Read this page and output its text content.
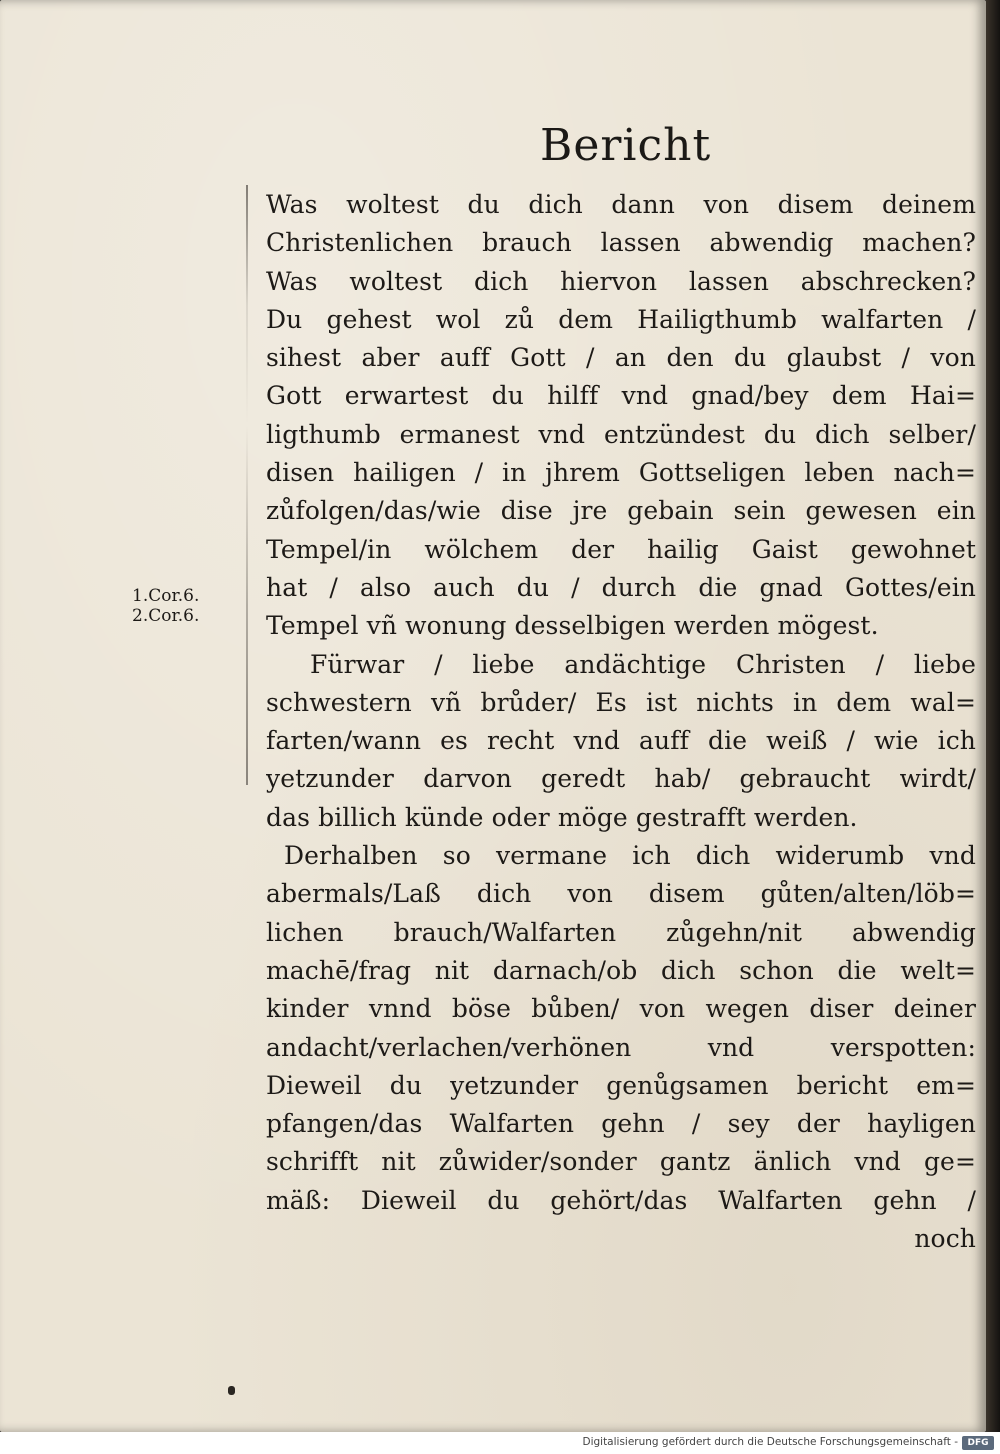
Bericht
1.Cor.6.
2.Cor.6.
Was woltest du dich dann von disem deinem
Christenlichen brauch lassen abwendig machen?
Was woltest dich hiervon lassen abschrecken?
Du gehest wol zů dem Hailigthumb walfarten /
sihest aber auff Gott / an den du glaubst / von
Gott erwartest du hilff vnd gnad/bey dem Hai=
ligthumb ermanest vnd entzündest du dich selber/
disen hailigen / in jhrem Gottseligen leben nach=
zůfolgen/das/wie dise jre gebain sein gewesen ein
Tempel/in wölchem der hailig Gaist gewohnet
hat / also auch du / durch die gnad Gottes/ein
Tempel vñ wonung desselbigen werden mögest.
Fürwar / liebe andächtige Christen / liebe
schwestern vñ brůder/ Es ist nichts in dem wal=
farten/wann es recht vnd auff die weiß / wie ich
yetzunder darvon geredt hab/ gebraucht wirdt/
das billich künde oder möge gestrafft werden.
Derhalben so vermane ich dich widerumb vnd
abermals/Laß dich von disem gůten/alten/löb=
lichen brauch/Walfarten zůgehn/nit abwendig
machē/frag nit darnach/ob dich schon die welt=
kinder vnnd böse bůben/ von wegen diser deiner
andacht/verlachen/verhönen vnd verspotten:
Dieweil du yetzunder genůgsamen bericht em=
pfangen/das Walfarten gehn / sey der hayligen
schrifft nit zůwider/sonder gantz änlich vnd ge=
mäß: Dieweil du gehört/das Walfarten gehn /
noch
Digitalisierung gefördert durch die Deutsche Forschungsgemeinschaft -	DFG
